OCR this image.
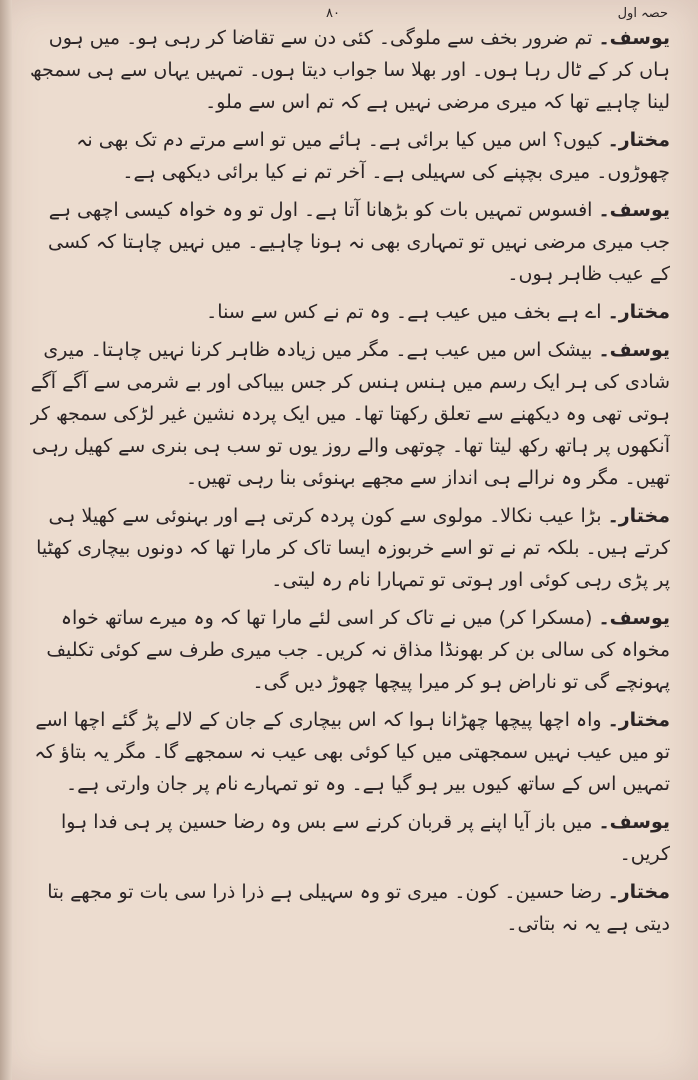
۸۰	حصہ اول

یوسف۔ تم ضرور بخف سے ملوگی۔ کئی دن سے تقاضا کر رہی ہو۔ میں ہوں ہاں کر کے ٹال رہا ہوں۔ اور بھلا سا جواب دیتا ہوں۔ تمہیں یہاں سے ہی سمجھ لینا چاہیے تھا کہ میری مرضی نہیں ہے کہ تم اس سے ملو۔

مختار۔ کیوں؟ اس میں کیا برائی ہے۔ ہائے میں تو اسے مرتے دم تک بھی نہ چھوڑوں۔ میری بچپنے کی سہیلی ہے۔ آخر تم نے کیا برائی دیکھی ہے۔

یوسف۔ افسوس تمہیں بات کو بڑھانا آتا ہے۔ اول تو وہ خواہ کیسی اچھی ہے جب میری مرضی نہیں تو تمہاری بھی نہ ہونا چاہیے۔ میں نہیں چاہتا کہ کسی کے عیب ظاہر ہوں۔

مختار۔ اے ہے بخف میں عیب ہے۔ وہ تم نے کس سے سنا۔

یوسف۔ بیشک اس میں عیب ہے۔ مگر میں زیادہ ظاہر کرنا نہیں چاہتا۔ میری شادی کی ہر ایک رسم میں ہنس ہنس کر جس بیباکی اور بے شرمی سے آگے آگے ہوتی تھی وہ دیکھنے سے تعلق رکھتا تھا۔ میں ایک پردہ نشین غیر لڑکی سمجھ کر آنکھوں پر ہاتھ رکھ لیتا تھا۔ چوتھی والے روز یوں تو سب ہی بنری سے کھیل رہی تھیں۔ مگر وہ نرالے ہی انداز سے مجھے بہنوئی بنا رہی تھیں۔

مختار۔ بڑا عیب نکالا۔ مولوی سے کون پردہ کرتی ہے اور بہنوئی سے کھیلا ہی کرتے ہیں۔ بلکہ تم نے تو اسے خربوزہ ایسا تاک کر مارا تھا کہ دونوں بیچاری کھٹیا پر پڑی رہی کوئی اور ہوتی تو تمہارا نام رہ لیتی۔

یوسف۔ (مسکرا کر) میں نے تاک کر اسی لئے مارا تھا کہ وہ میرے ساتھ خواہ مخواہ کی سالی بن کر بھونڈا مذاق نہ کریں۔ جب میری طرف سے کوئی تکلیف پہونچے گی تو ناراض ہو کر میرا پیچھا چھوڑ دیں گی۔

مختار۔ واہ اچھا پیچھا چھڑانا ہوا کہ اس بیچاری کے جان کے لالے پڑ گئے اچھا اسے تو میں عیب نہیں سمجھتی میں کیا کوئی بھی عیب نہ سمجھے گا۔ مگر یہ بتاؤ کہ تمہیں اس کے ساتھ کیوں بیر ہو گیا ہے۔ وہ تو تمہارے نام پر جان وارتی ہے۔

یوسف۔ میں باز آیا اپنے پر قربان کرنے سے بس وہ رضا حسین پر ہی فدا ہوا کریں۔

مختار۔ رضا حسین۔ کون۔ میری تو وہ سہیلی ہے ذرا ذرا سی بات تو مجھے بتا دیتی ہے یہ نہ بتاتی۔
